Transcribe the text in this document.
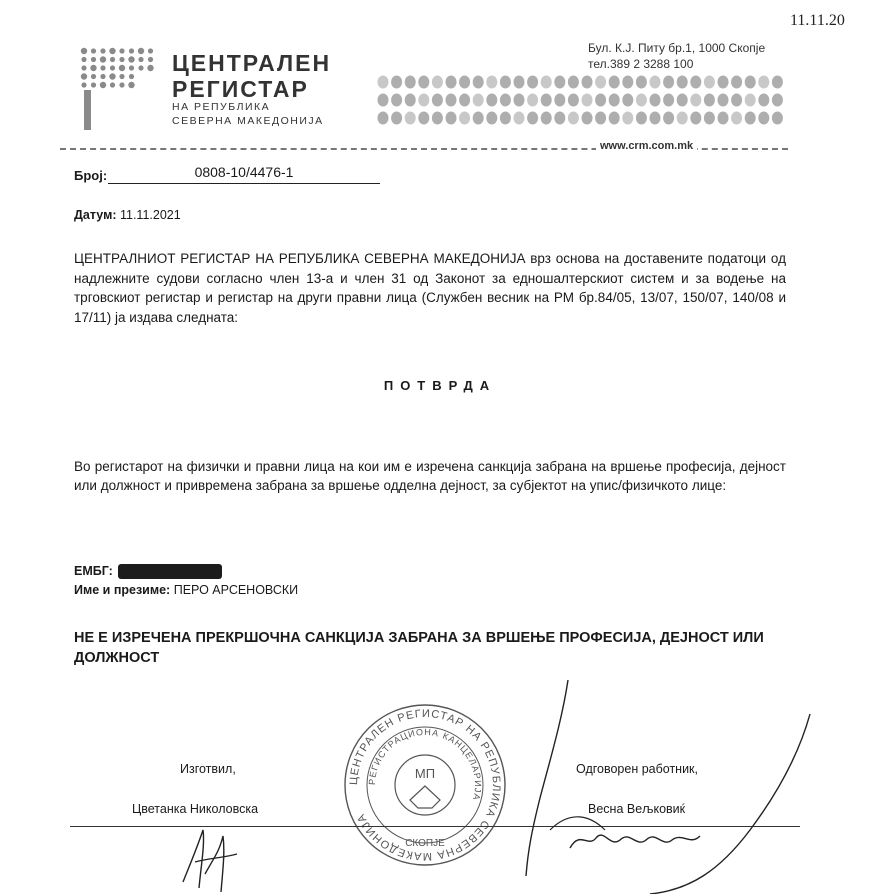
11.11.20
ЦЕНТРАЛЕН
РЕГИСТАР
НА РЕПУБЛИКА
СЕВЕРНА МАКЕДОНИЈА
Бул. К.Ј. Питу бр.1, 1000 Скопје
тел.389 2 3288 100
www.crm.com.mk
Број:	0808-10/4476-1
Датум: 11.11.2021
ЦЕНТРАЛНИОТ РЕГИСТАР НА РЕПУБЛИКА СЕВЕРНА МАКЕДОНИЈА врз основа на доставените податоци од надлежните судови согласно член 13-а и член 31 од Законот за еднoшалтерскиот систем и за водење на трговскиот регистар и регистар на други правни лица (Службен весник на РМ бр.84/05, 13/07, 150/07, 140/08 и 17/11) ја издава следната:
ПОТВРДА
Во регистарот на физички и правни лица на кои им е изречена санкција забрана на вршење професија, дејност или должност и привремена забрана за вршење одделна дејност, за субјектот на упис/физичкото лице:
ЕМБГ:
Име и презиме: ПЕРО АРСЕНОВСКИ
НЕ Е ИЗРЕЧЕНА ПРЕКРШОЧНА САНКЦИЈА ЗАБРАНА ЗА ВРШЕЊЕ ПРОФЕСИЈА, ДЕЈНОСТ ИЛИ ДОЛЖНОСТ
ЦЕНТРАЛЕН РЕГИСТАР НА РЕПУБЛИКА СЕВЕРНА МАКЕДОНИЈА
РЕГИСТРАЦИОНА КАНЦЕЛАРИЈА
МП
СКОПЈЕ
Изготвил,
Цветанка Николовска
Одговорен работник,
Весна Вељковиќ
